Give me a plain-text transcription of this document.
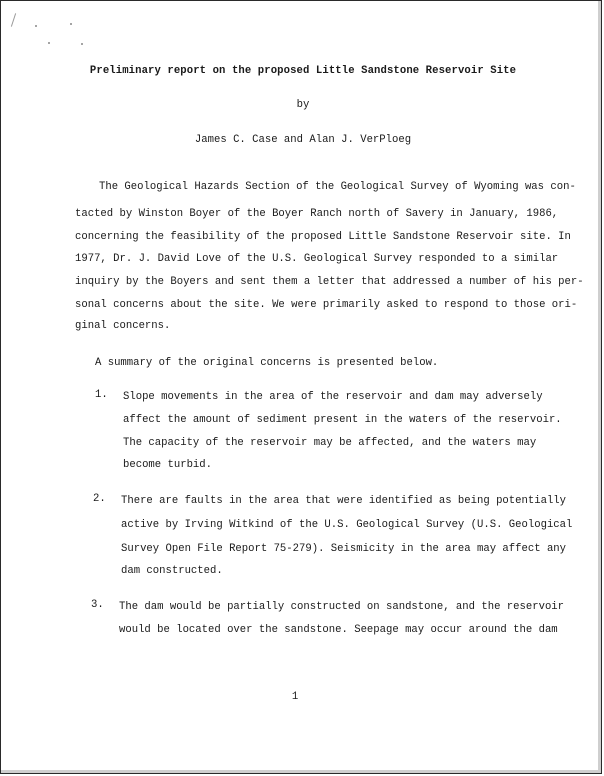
Preliminary report on the proposed Little Sandstone Reservoir Site
by
James C. Case and Alan J. VerPloeg
The Geological Hazards Section of the Geological Survey of Wyoming was con-
tacted by Winston Boyer of the Boyer Ranch north of Savery in January, 1986,
concerning the feasibility of the proposed Little Sandstone Reservoir site. In
1977, Dr. J. David Love of the U.S. Geological Survey responded to a similar
inquiry by the Boyers and sent them a letter that addressed a number of his per-
sonal concerns about the site. We were primarily asked to respond to those ori-
ginal concerns.
A summary of the original concerns is presented below.
1. Slope movements in the area of the reservoir and dam may adversely
affect the amount of sediment present in the waters of the reservoir.
The capacity of the reservoir may be affected, and the waters may
become turbid.
2. There are faults in the area that were identified as being potentially
active by Irving Witkind of the U.S. Geological Survey (U.S. Geological
Survey Open File Report 75-279). Seismicity in the area may affect any
dam constructed.
3. The dam would be partially constructed on sandstone, and the reservoir
would be located over the sandstone. Seepage may occur around the dam
1
